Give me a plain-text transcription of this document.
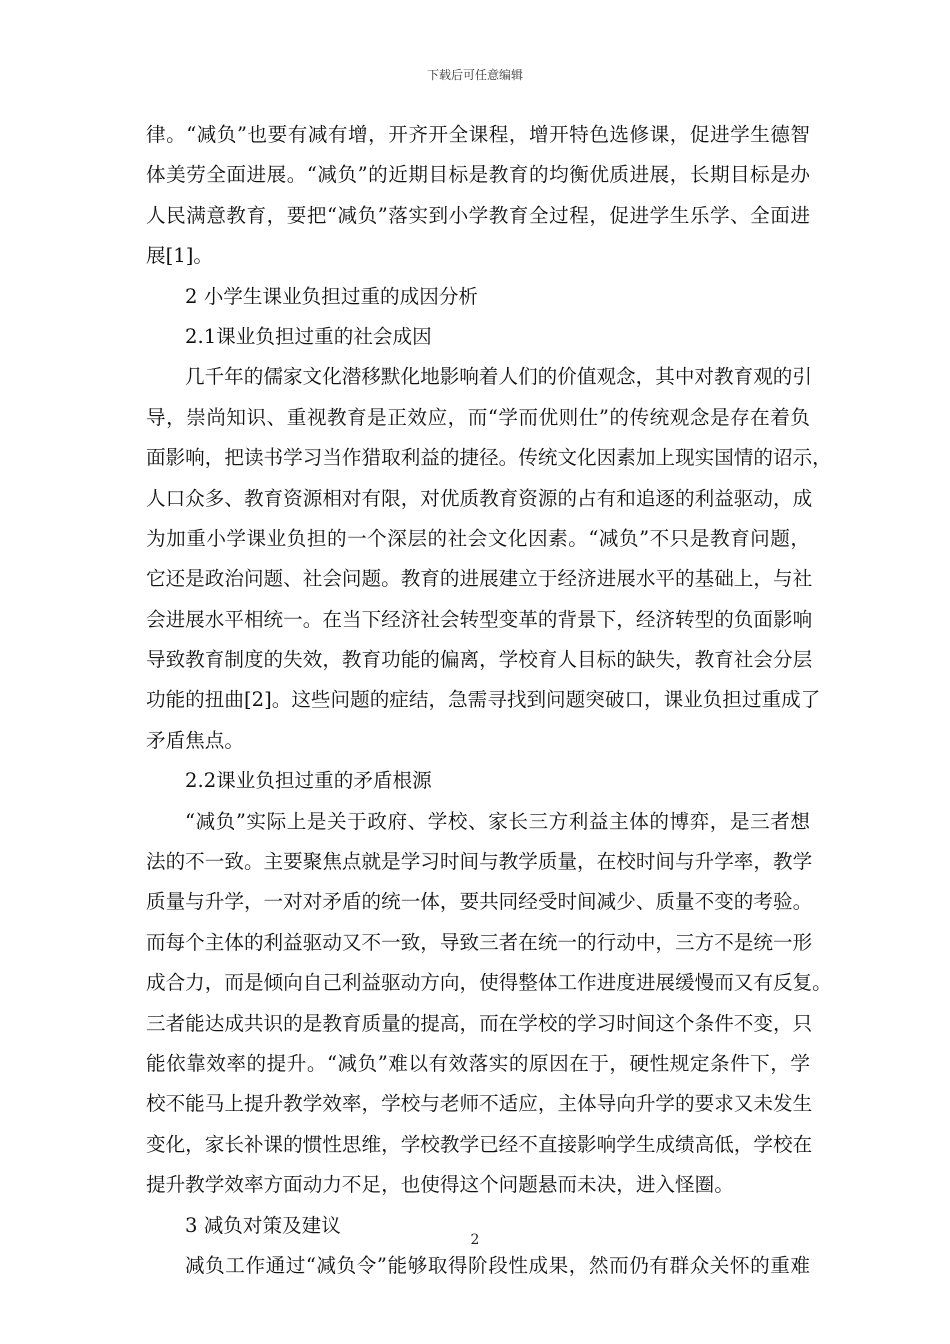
下载后可任意编辑
律。“减负”也要有减有增，开齐开全课程，增开特色选修课，促进学生德智
体美劳全面进展。“减负”的近期目标是教育的均衡优质进展，长期目标是办
人民满意教育，要把“减负”落实到小学教育全过程，促进学生乐学、全面进
展[1]。
2 小学生课业负担过重的成因分析
2.1课业负担过重的社会成因
几千年的儒家文化潜移默化地影响着人们的价值观念，其中对教育观的引
导，崇尚知识、重视教育是正效应，而“学而优则仕”的传统观念是存在着负
面影响，把读书学习当作猎取利益的捷径。传统文化因素加上现实国情的诏示，
人口众多、教育资源相对有限，对优质教育资源的占有和追逐的利益驱动，成
为加重小学课业负担的一个深层的社会文化因素。“减负”不只是教育问题，
它还是政治问题、社会问题。教育的进展建立于经济进展水平的基础上，与社
会进展水平相统一。在当下经济社会转型变革的背景下，经济转型的负面影响
导致教育制度的失效，教育功能的偏离，学校育人目标的缺失，教育社会分层
功能的扭曲[2]。这些问题的症结，急需寻找到问题突破口，课业负担过重成了
矛盾焦点。
2.2课业负担过重的矛盾根源
“减负”实际上是关于政府、学校、家长三方利益主体的博弈，是三者想
法的不一致。主要聚焦点就是学习时间与教学质量，在校时间与升学率，教学
质量与升学，一对对矛盾的统一体，要共同经受时间减少、质量不变的考验。
而每个主体的利益驱动又不一致，导致三者在统一的行动中，三方不是统一形
成合力，而是倾向自己利益驱动方向，使得整体工作进度进展缓慢而又有反复。
三者能达成共识的是教育质量的提高，而在学校的学习时间这个条件不变，只
能依靠效率的提升。“减负”难以有效落实的原因在于，硬性规定条件下，学
校不能马上提升教学效率，学校与老师不适应，主体导向升学的要求又未发生
变化，家长补课的惯性思维，学校教学已经不直接影响学生成绩高低，学校在
提升教学效率方面动力不足，也使得这个问题悬而未决，进入怪圈。
3 减负对策及建议
减负工作通过“减负令”能够取得阶段性成果，然而仍有群众关怀的重难
2
